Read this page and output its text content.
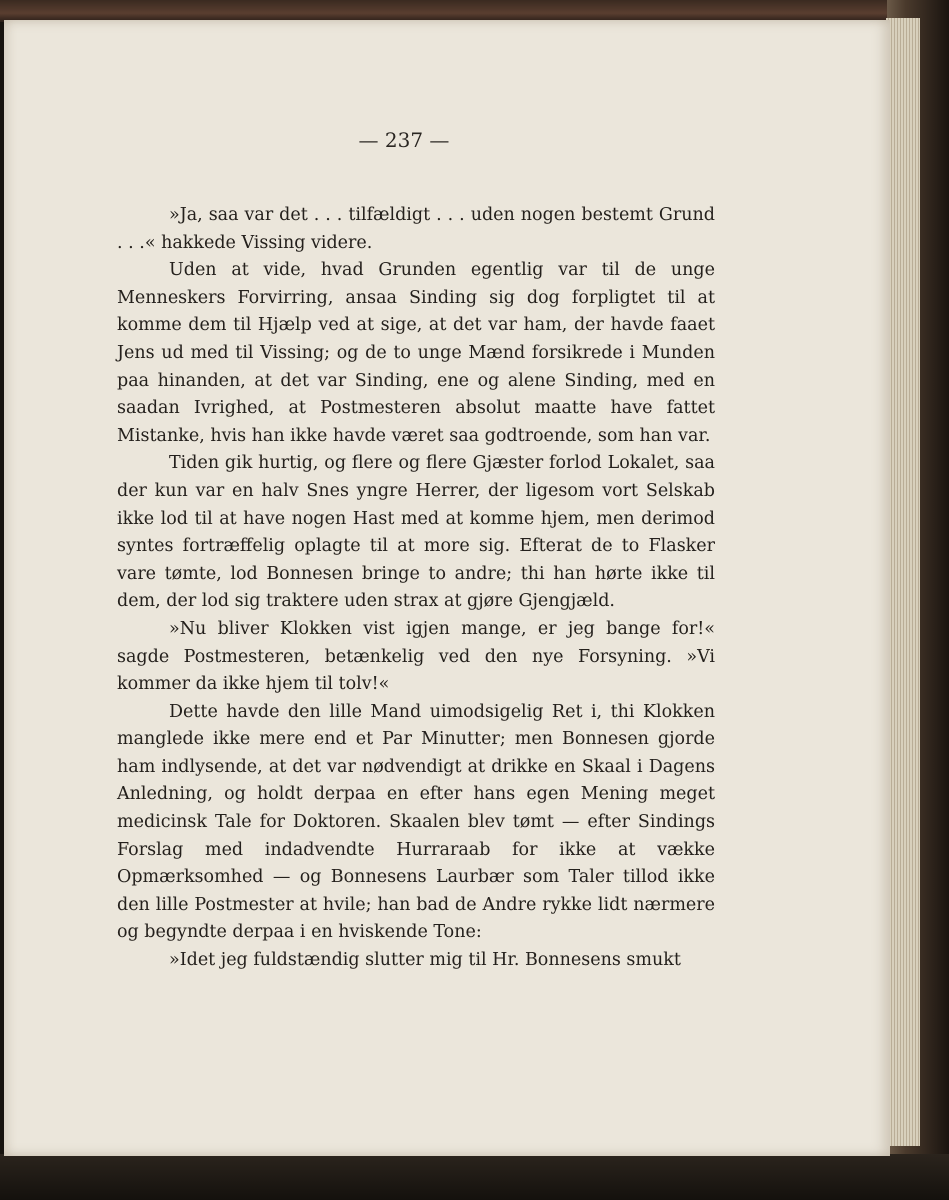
— 237 —

»Ja, saa var det . . . tilfældigt . . . uden nogen bestemt Grund . . .« hakkede Vissing videre.

Uden at vide, hvad Grunden egentlig var til de unge Menneskers Forvirring, ansaa Sinding sig dog forpligtet til at komme dem til Hjælp ved at sige, at det var ham, der havde faaet Jens ud med til Vissing; og de to unge Mænd forsikrede i Munden paa hinanden, at det var Sinding, ene og alene Sinding, med en saadan Ivrighed, at Postmesteren absolut maatte have fattet Mistanke, hvis han ikke havde været saa godtroende, som han var.

Tiden gik hurtig, og flere og flere Gjæster forlod Lokalet, saa der kun var en halv Snes yngre Herrer, der ligesom vort Selskab ikke lod til at have nogen Hast med at komme hjem, men derimod syntes fortræffelig oplagte til at more sig. Efterat de to Flasker vare tømte, lod Bonnesen bringe to andre; thi han hørte ikke til dem, der lod sig traktere uden strax at gjøre Gjengjæld.

»Nu bliver Klokken vist igjen mange, er jeg bange for!« sagde Postmesteren, betænkelig ved den nye Forsyning. »Vi kommer da ikke hjem til tolv!«

Dette havde den lille Mand uimodsigelig Ret i, thi Klokken manglede ikke mere end et Par Minutter; men Bonnesen gjorde ham indlysende, at det var nødvendigt at drikke en Skaal i Dagens Anledning, og holdt derpaa en efter hans egen Mening meget medicinsk Tale for Doktoren. Skaalen blev tømt — efter Sindings Forslag med indadvendte Hurraraab for ikke at vække Opmærksomhed — og Bonnesens Laurbær som Taler tillod ikke den lille Postmester at hvile; han bad de Andre rykke lidt nærmere og begyndte derpaa i en hviskende Tone:

»Idet jeg fuldstændig slutter mig til Hr. Bonnesens smukt
